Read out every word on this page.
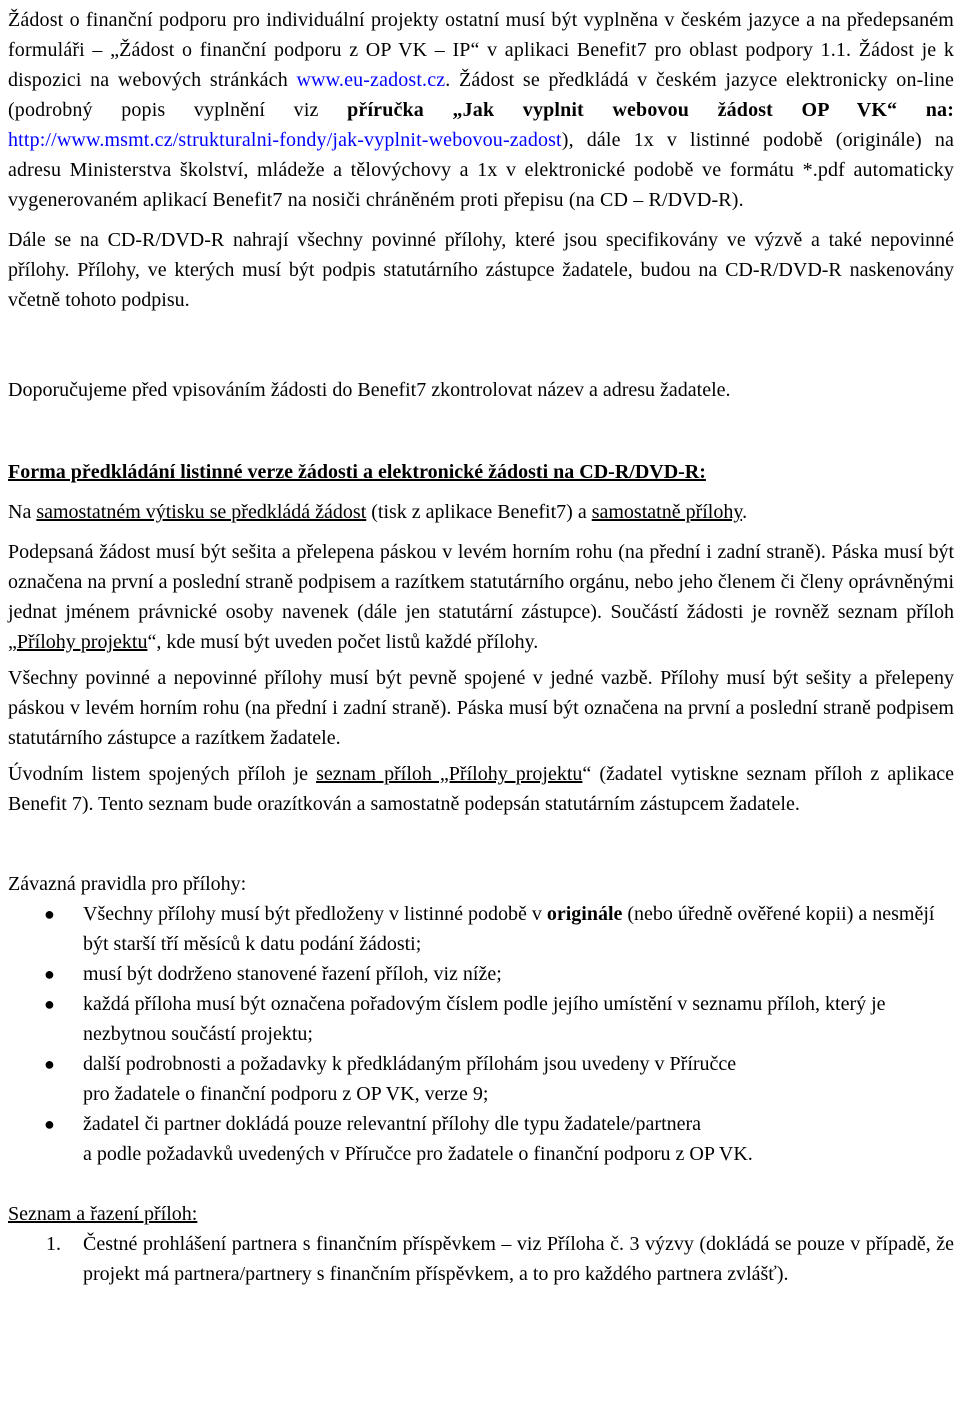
Žádost o finanční podporu pro individuální projekty ostatní musí být vyplněna v českém jazyce a na předepsaném formuláři – „Žádost o finanční podporu z OP VK – IP“ v aplikaci Benefit7 pro oblast podpory 1.1. Žádost je k dispozici na webových stránkách www.eu-zadost.cz. Žádost se předkládá v českém jazyce elektronicky on-line (podrobný popis vyplnění viz příručka „Jak vyplnit webovou žádost OP VK“ na: http://www.msmt.cz/strukturalni-fondy/jak-vyplnit-webovou-zadost), dále 1x v listinné podobě (originále) na adresu Ministerstva školství, mládeže a tělovýchovy a 1x v elektronické podobě ve formátu *.pdf automaticky vygenerovaném aplikací Benefit7 na nosiči chráněném proti přepisu (na CD – R/DVD-R).

Dále se na CD-R/DVD-R nahrají všechny povinné přílohy, které jsou specifikovány ve výzvě a také nepovinné přílohy. Přílohy, ve kterých musí být podpis statutárního zástupce žadatele, budou na CD-R/DVD-R naskenovány včetně tohoto podpisu.

Doporučujeme před vpisováním žádosti do Benefit7 zkontrolovat název a adresu žadatele.

Forma předkládání listinné verze žádosti a elektronické žádosti na CD-R/DVD-R:

Na samostatném výtisku se předkládá žádost (tisk z aplikace Benefit7) a samostatně přílohy.

Podepsaná žádost musí být sešita a přelepena páskou v levém horním rohu (na přední i zadní straně). Páska musí být označena na první a poslední straně podpisem a razítkem statutárního orgánu, nebo jeho členem či členy oprávněnými jednat jménem právnické osoby navenek (dále jen statutární zástupce). Součástí žádosti je rovněž seznam příloh „Přílohy projektu“, kde musí být uveden počet listů každé přílohy.

Všechny povinné a nepovinné přílohy musí být pevně spojené v jedné vazbě. Přílohy musí být sešity a přelepeny páskou v levém horním rohu (na přední i zadní straně). Páska musí být označena na první a poslední straně podpisem statutárního zástupce a razítkem žadatele.

Úvodním listem spojených příloh je seznam příloh „Přílohy projektu“ (žadatel vytiskne seznam příloh z aplikace Benefit 7). Tento seznam bude orazítkován a samostatně podepsán statutárním zástupcem žadatele.

Závazná pravidla pro přílohy:

● Všechny přílohy musí být předloženy v listinné podobě v originále (nebo úředně ověřené kopii) a nesmějí být starší tří měsíců k datu podání žádosti;
● musí být dodrženo stanovené řazení příloh, viz níže;
● každá příloha musí být označena pořadovým číslem podle jejího umístění v seznamu příloh, který je nezbytnou součástí projektu;
● další podrobnosti a požadavky k předkládaným přílohám jsou uvedeny v Příručce
pro žadatele o finanční podporu z OP VK, verze 9;
● žadatel či partner dokládá pouze relevantní přílohy dle typu žadatele/partnera
a podle požadavků uvedených v Příručce pro žadatele o finanční podporu z OP VK.

Seznam a řazení příloh:

1. Čestné prohlášení partnera s finančním příspěvkem – viz Příloha č. 3 výzvy (dokládá se pouze v případě, že projekt má partnera/partnery s finančním příspěvkem, a to pro každého partnera zvlášť).
